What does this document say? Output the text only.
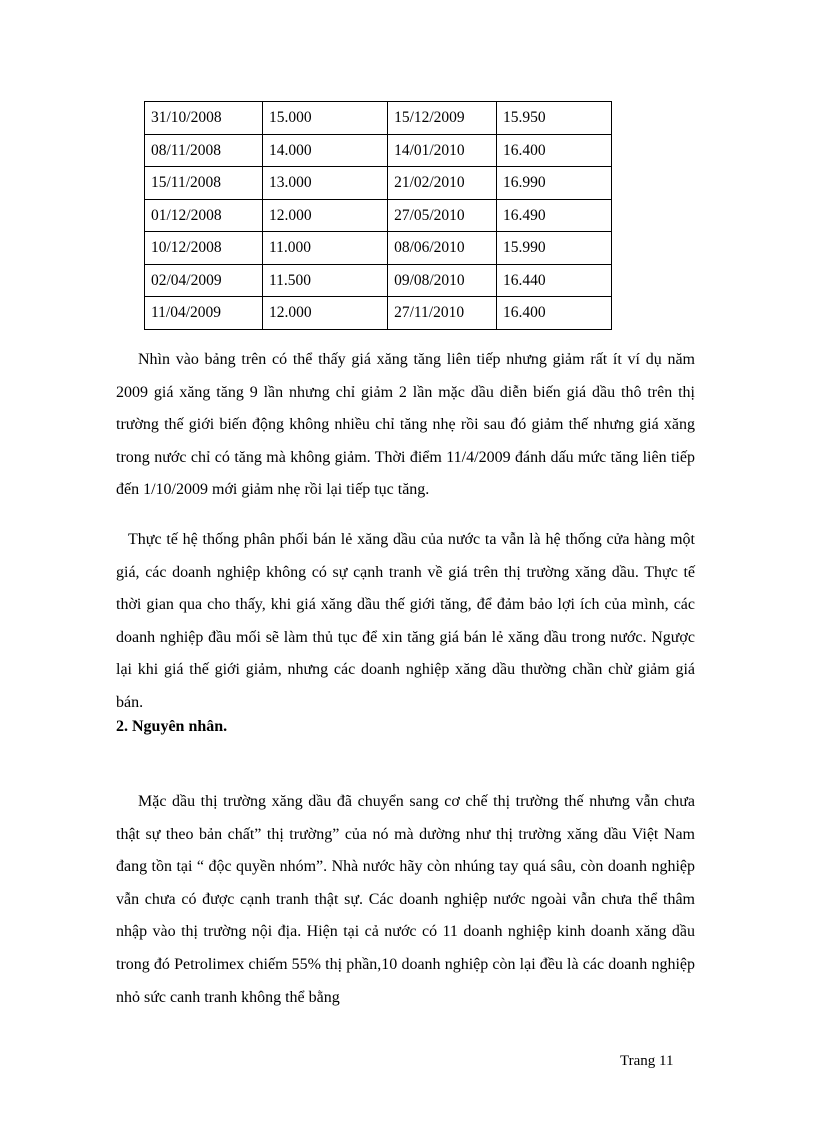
31/10/2008	15.000	15/12/2009	15.950
08/11/2008	14.000	14/01/2010	16.400
15/11/2008	13.000	21/02/2010	16.990
01/12/2008	12.000	27/05/2010	16.490
10/12/2008	11.000	08/06/2010	15.990
02/04/2009	11.500	09/08/2010	16.440
11/04/2009	12.000	27/11/2010	16.400

Nhìn vào bảng trên có thể thấy giá xăng tăng liên tiếp nhưng giảm rất ít ví dụ năm 2009 giá xăng tăng 9 lần nhưng chỉ giảm 2 lần mặc dầu diễn biến giá dầu thô trên thị trường thế giới biến động không nhiều chỉ tăng nhẹ rồi sau đó giảm thế nhưng giá xăng trong nước chỉ có tăng mà không giảm. Thời điểm 11/4/2009 đánh dấu mức tăng liên tiếp đến 1/10/2009 mới giảm nhẹ rồi lại tiếp tục tăng.

Thực tế hệ thống phân phối bán lẻ xăng dầu của nước ta vẫn là hệ thống cửa hàng một giá, các doanh nghiệp không có sự cạnh tranh về giá trên thị trường xăng dầu. Thực tế thời gian qua cho thấy, khi giá xăng dầu thế giới tăng, để đảm bảo lợi ích của mình, các doanh nghiệp đầu mối sẽ làm thủ tục để xin tăng giá bán lẻ xăng dầu trong nước. Ngược lại khi giá thế giới giảm, nhưng các doanh nghiệp xăng dầu thường chần chừ giảm giá bán.

2. Nguyên nhân.

Mặc dầu thị trường xăng dầu đã chuyển sang cơ chế thị trường thế nhưng vẫn chưa thật sự theo bản chất” thị trường” của nó mà dường như thị trường xăng dầu Việt Nam đang tồn tại “ độc quyền nhóm”. Nhà nước hãy còn nhúng tay quá sâu, còn doanh nghiệp vẫn chưa có được cạnh tranh thật sự. Các doanh nghiệp nước ngoài vẫn chưa thể thâm nhập vào thị trường nội địa. Hiện tại cả nước có 11 doanh nghiệp kinh doanh xăng dầu trong đó Petrolimex chiếm 55% thị phần,10 doanh nghiệp còn lại đều là các doanh nghiệp nhỏ sức canh tranh không thể bằng

Trang 11
